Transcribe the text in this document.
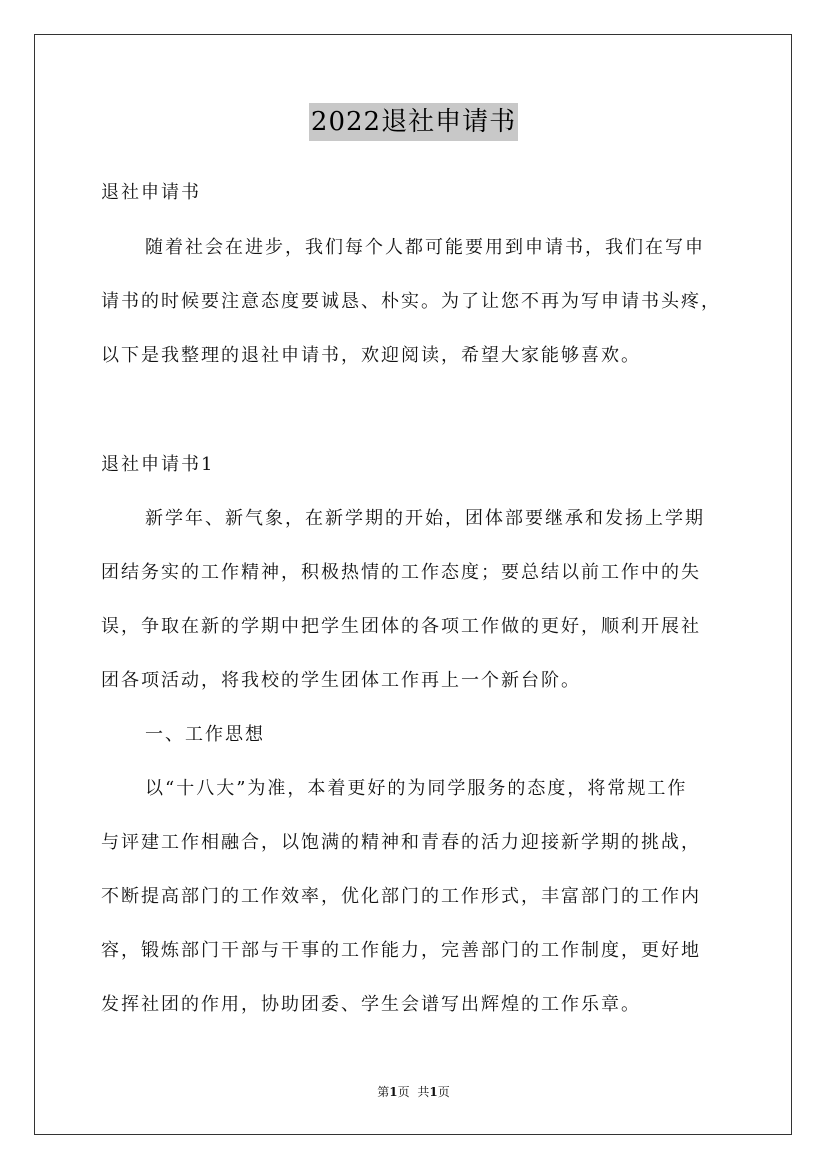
2022退社申请书
退社申请书
随着社会在进步，我们每个人都可能要用到申请书，我们在写申
请书的时候要注意态度要诚恳、朴实。为了让您不再为写申请书头疼，
以下是我整理的退社申请书，欢迎阅读，希望大家能够喜欢。
退社申请书1
新学年、新气象，在新学期的开始，团体部要继承和发扬上学期
团结务实的工作精神，积极热情的工作态度；要总结以前工作中的失
误，争取在新的学期中把学生团体的各项工作做的更好，顺利开展社
团各项活动，将我校的学生团体工作再上一个新台阶。
一、工作思想
以“十八大”为准，本着更好的为同学服务的态度，将常规工作
与评建工作相融合，以饱满的精神和青春的活力迎接新学期的挑战，
不断提高部门的工作效率，优化部门的工作形式，丰富部门的工作内
容，锻炼部门干部与干事的工作能力，完善部门的工作制度，更好地
发挥社团的作用，协助团委、学生会谱写出辉煌的工作乐章。
第1页 共1页
